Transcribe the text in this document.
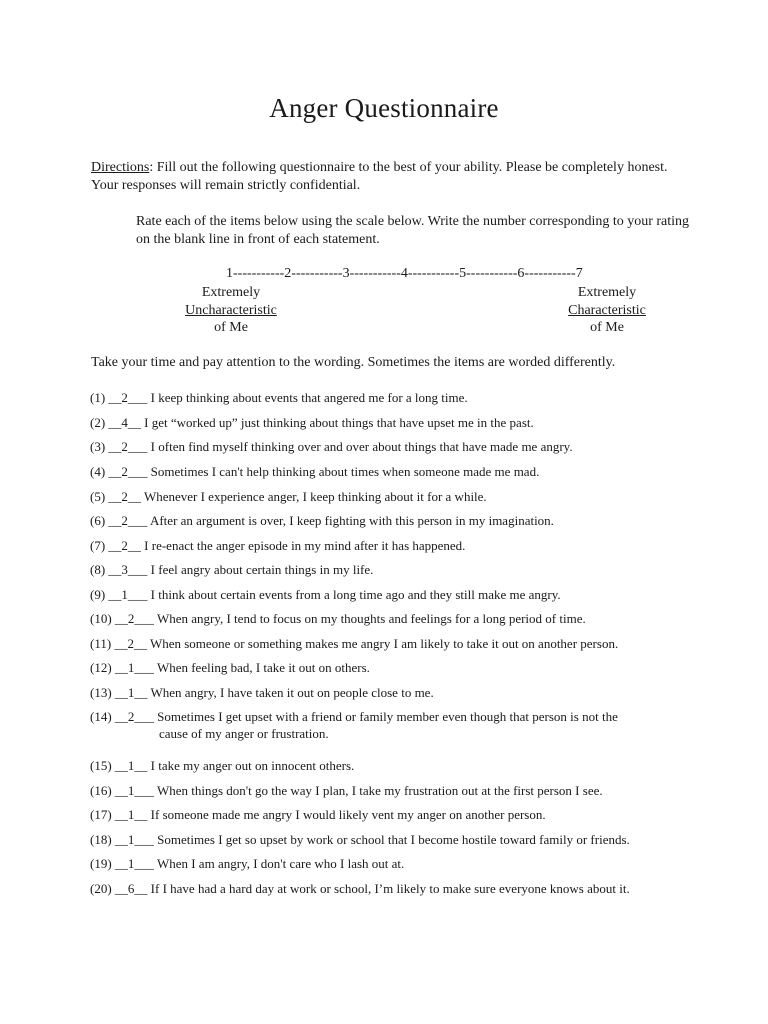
Anger Questionnaire
Directions: Fill out the following questionnaire to the best of your ability. Please be completely honest. Your responses will remain strictly confidential.
Rate each of the items below using the scale below. Write the number corresponding to your rating on the blank line in front of each statement.
1-----------2-----------3-----------4-----------5-----------6-----------7
Extremely
Uncharacteristic
of Me
Extremely
Characteristic
of Me
Take your time and pay attention to the wording. Sometimes the items are worded differently.
(1) __2___ I keep thinking about events that angered me for a long time.
(2) __4__ I get “worked up” just thinking about things that have upset me in the past.
(3) __2___ I often find myself thinking over and over about things that have made me angry.
(4) __2___ Sometimes I can't help thinking about times when someone made me mad.
(5) __2__ Whenever I experience anger, I keep thinking about it for a while.
(6) __2___ After an argument is over, I keep fighting with this person in my imagination.
(7) __2__ I re-enact the anger episode in my mind after it has happened.
(8) __3___ I feel angry about certain things in my life.
(9) __1___ I think about certain events from a long time ago and they still make me angry.
(10) __2___ When angry, I tend to focus on my thoughts and feelings for a long period of time.
(11) __2__ When someone or something makes me angry I am likely to take it out on another person.
(12) __1___ When feeling bad, I take it out on others.
(13) __1__ When angry, I have taken it out on people close to me.
(14) __2___ Sometimes I get upset with a friend or family member even though that person is not the
cause of my anger or frustration.
(15) __1__ I take my anger out on innocent others.
(16) __1___ When things don't go the way I plan, I take my frustration out at the first person I see.
(17) __1__ If someone made me angry I would likely vent my anger on another person.
(18) __1___ Sometimes I get so upset by work or school that I become hostile toward family or friends.
(19) __1___ When I am angry, I don't care who I lash out at.
(20) __6__ If I have had a hard day at work or school, I’m likely to make sure everyone knows about it.
